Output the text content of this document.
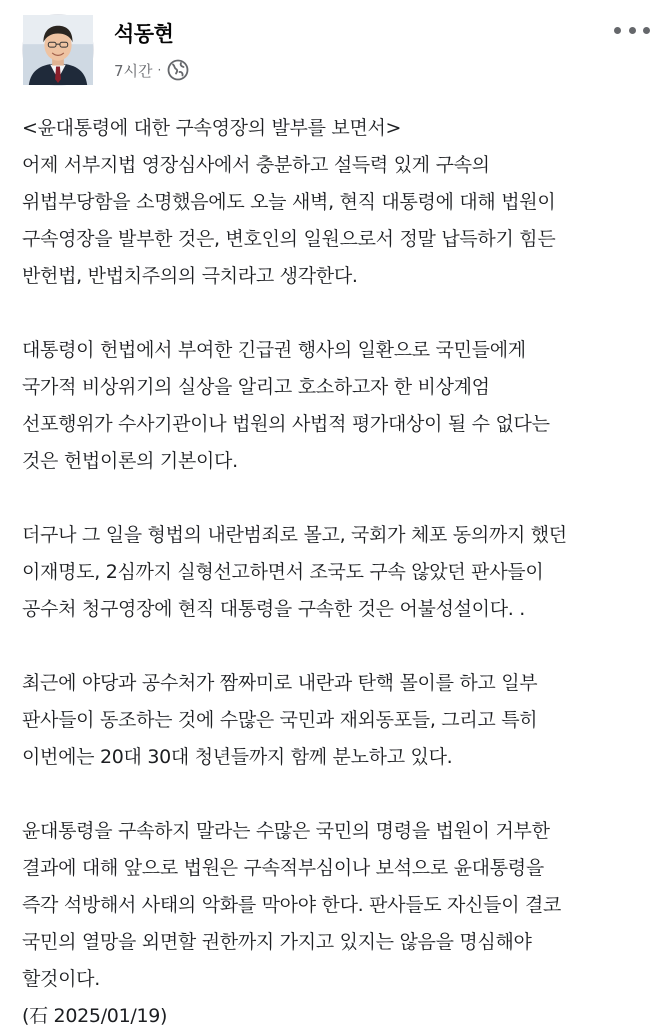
석동현
7시간 ·
<윤대통령에 대한 구속영장의 발부를 보면서>
어제 서부지법 영장심사에서 충분하고 설득력 있게 구속의
위법부당함을 소명했음에도 오늘 새벽, 현직 대통령에 대해 법원이
구속영장을 발부한 것은, 변호인의 일원으로서 정말 납득하기 힘든
반헌법, 반법치주의의 극치라고 생각한다.
대통령이 헌법에서 부여한 긴급권 행사의 일환으로 국민들에게
국가적 비상위기의 실상을 알리고 호소하고자 한 비상계엄
선포행위가 수사기관이나 법원의 사법적 평가대상이 될 수 없다는
것은 헌법이론의 기본이다.
더구나 그 일을 형법의 내란범죄로 몰고, 국회가 체포 동의까지 했던
이재명도, 2심까지 실형선고하면서 조국도 구속 않았던 판사들이
공수처 청구영장에 현직 대통령을 구속한 것은 어불성설이다. .
최근에 야당과 공수처가 짬짜미로 내란과 탄핵 몰이를 하고 일부
판사들이 동조하는 것에 수많은 국민과 재외동포들, 그리고 특히
이번에는 20대 30대 청년들까지 함께 분노하고 있다.
윤대통령을 구속하지 말라는 수많은 국민의 명령을 법원이 거부한
결과에 대해 앞으로 법원은 구속적부심이나 보석으로 윤대통령을
즉각 석방해서 사태의 악화를 막아야 한다. 판사들도 자신들이 결코
국민의 열망을 외면할 권한까지 가지고 있지는 않음을 명심해야
할것이다.
(石 2025/01/19)
